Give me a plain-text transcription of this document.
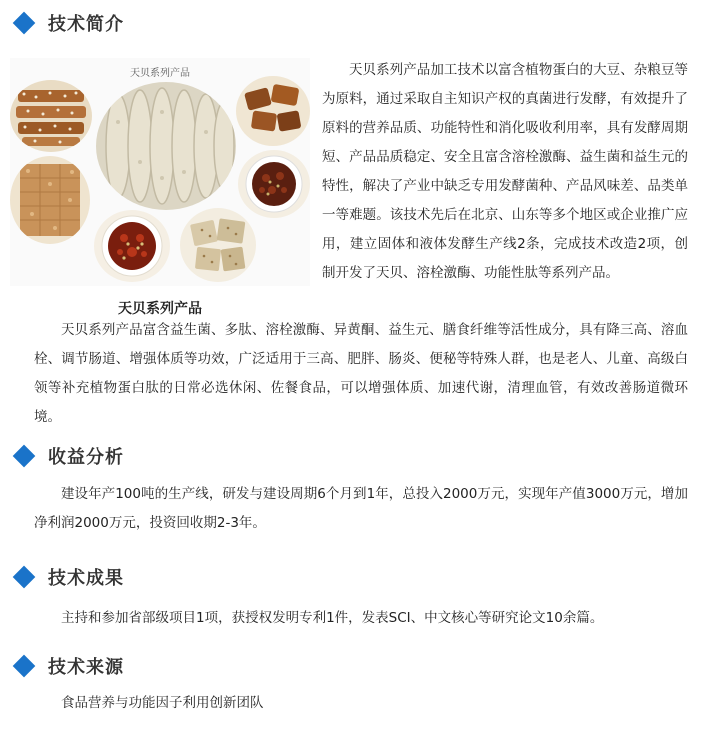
技术简介
天贝系列产品
天贝系列产品

天贝系列产品加工技术以富含植物蛋白的大豆、杂粮豆等为原料，通过采取自主知识产权的真菌进行发酵，有效提升了原料的营养品质、功能特性和消化吸收利用率，具有发酵周期短、产品品质稳定、安全且富含溶栓激酶、益生菌和益生元的特性，解决了产业中缺乏专用发酵菌种、产品风味差、品类单一等难题。该技术先后在北京、山东等多个地区或企业推广应用，建立固体和液体发酵生产线2条，完成技术改造2项，创制开发了天贝、溶栓激酶、功能性肽等系列产品。

天贝系列产品富含益生菌、多肽、溶栓激酶、异黄酮、益生元、膳食纤维等活性成分，具有降三高、溶血栓、调节肠道、增强体质等功效，广泛适用于三高、肥胖、肠炎、便秘等特殊人群，也是老人、儿童、高级白领等补充植物蛋白肽的日常必选休闲、佐餐食品，可以增强体质、加速代谢，清理血管，有效改善肠道微环境。

收益分析

建设年产100吨的生产线，研发与建设周期6个月到1年，总投入2000万元，实现年产值3000万元，增加净利润2000万元，投资回收期2-3年。

技术成果

主持和参加省部级项目1项，获授权发明专利1件，发表SCI、中文核心等研究论文10余篇。

技术来源

食品营养与功能因子利用创新团队
